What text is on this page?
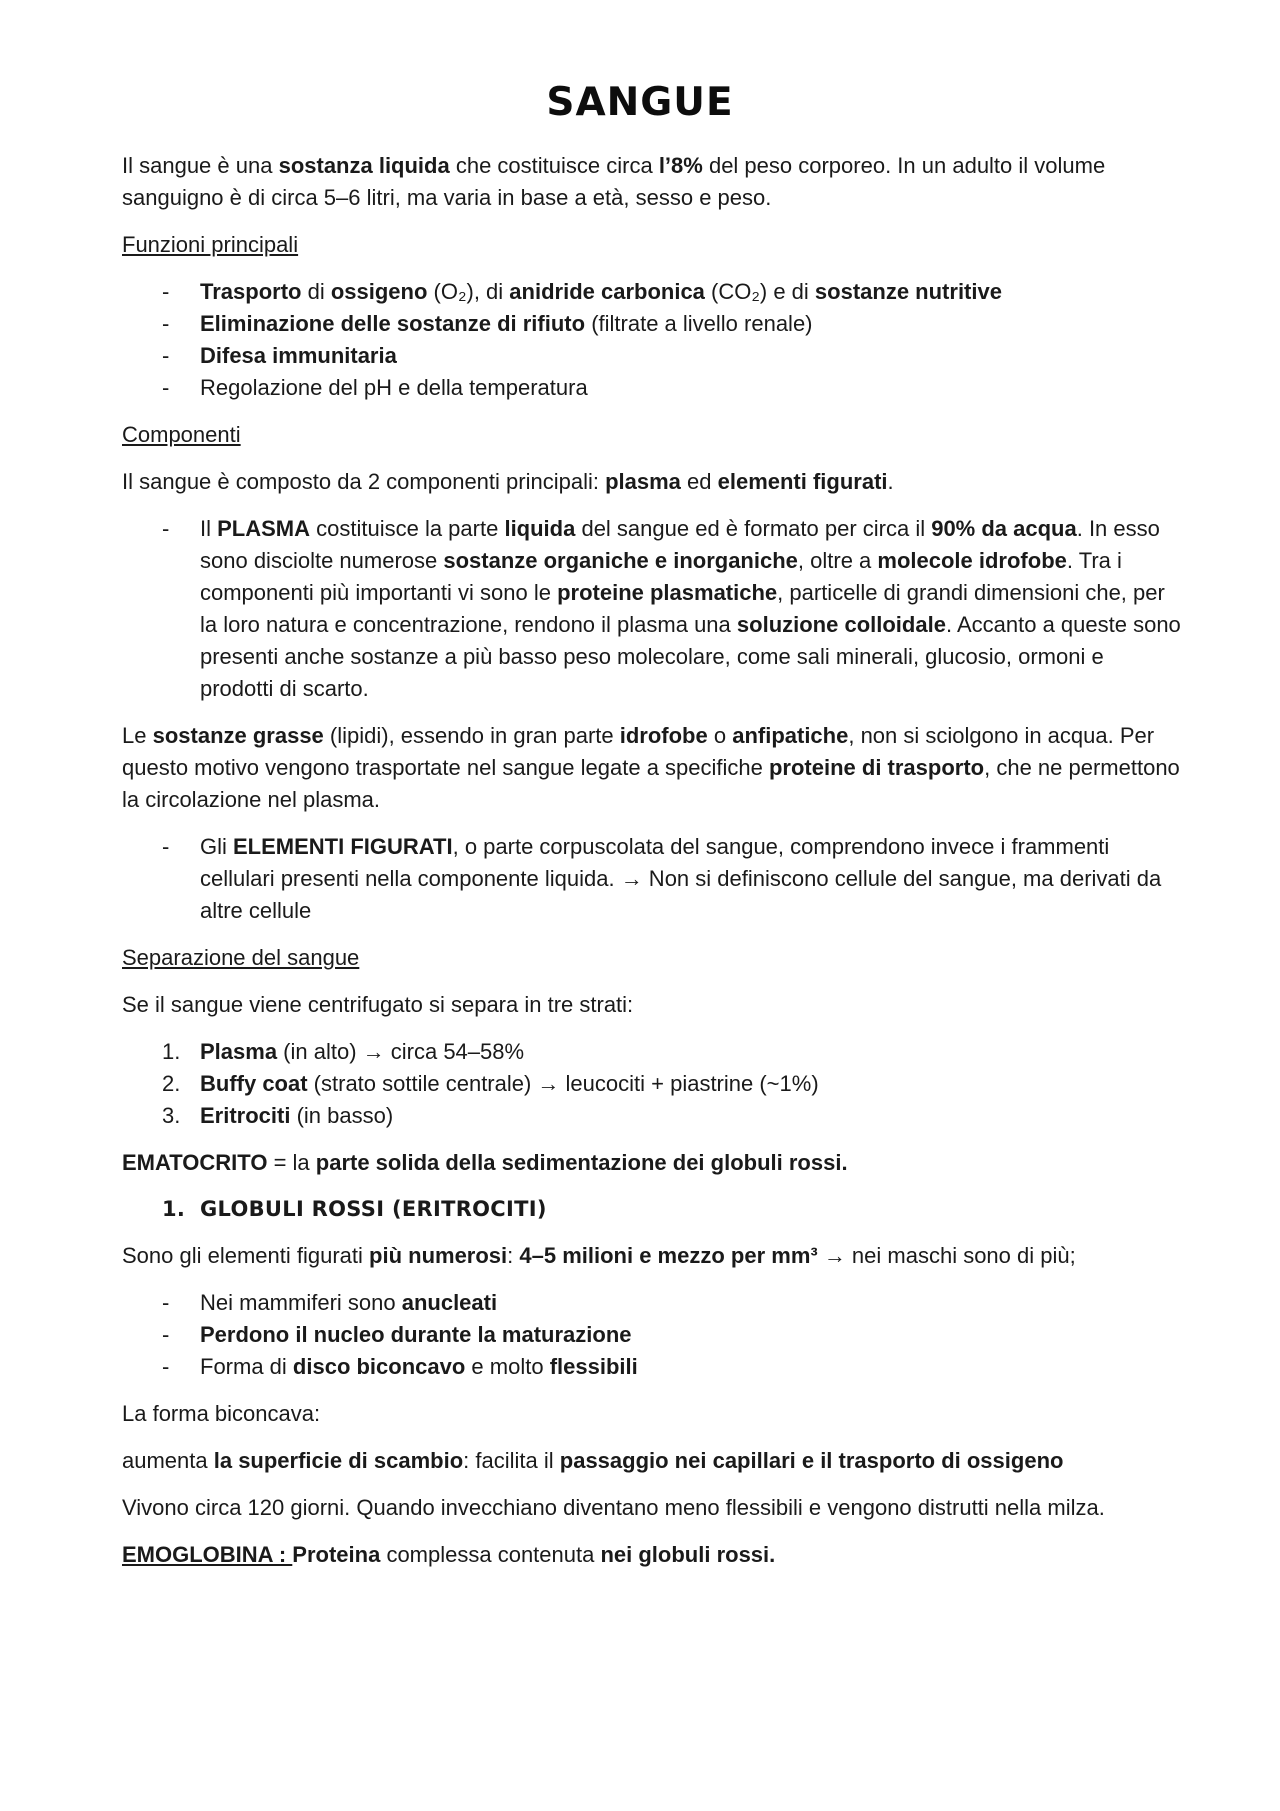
SANGUE

Il sangue è una sostanza liquida che costituisce circa l’8% del peso corporeo. In un adulto il volume sanguigno è di circa 5–6 litri, ma varia in base a età, sesso e peso.

Funzioni principali

- Trasporto di ossigeno (O₂), di anidride carbonica (CO₂) e di sostanze nutritive
- Eliminazione delle sostanze di rifiuto (filtrate a livello renale)
- Difesa immunitaria
- Regolazione del pH e della temperatura

Componenti

Il sangue è composto da 2 componenti principali: plasma ed elementi figurati.

- Il PLASMA costituisce la parte liquida del sangue ed è formato per circa il 90% da acqua. In esso sono disciolte numerose sostanze organiche e inorganiche, oltre a molecole idrofobe. Tra i componenti più importanti vi sono le proteine plasmatiche, particelle di grandi dimensioni che, per la loro natura e concentrazione, rendono il plasma una soluzione colloidale. Accanto a queste sono presenti anche sostanze a più basso peso molecolare, come sali minerali, glucosio, ormoni e prodotti di scarto.

Le sostanze grasse (lipidi), essendo in gran parte idrofobe o anfipatiche, non si sciolgono in acqua. Per questo motivo vengono trasportate nel sangue legate a specifiche proteine di trasporto, che ne permettono la circolazione nel plasma.

- Gli ELEMENTI FIGURATI, o parte corpuscolata del sangue, comprendono invece i frammenti cellulari presenti nella componente liquida. → Non si definiscono cellule del sangue, ma derivati da altre cellule

Separazione del sangue

Se il sangue viene centrifugato si separa in tre strati:

1. Plasma (in alto) → circa 54–58%
2. Buffy coat (strato sottile centrale) → leucociti + piastrine (~1%)
3. Eritrociti (in basso)

EMATOCRITO = la parte solida della sedimentazione dei globuli rossi.

1. GLOBULI ROSSI (ERITROCITI)

Sono gli elementi figurati più numerosi: 4–5 milioni e mezzo per mm³ → nei maschi sono di più;

- Nei mammiferi sono anucleati
- Perdono il nucleo durante la maturazione
- Forma di disco biconcavo e molto flessibili

La forma biconcava:

aumenta la superficie di scambio: facilita il passaggio nei capillari e il trasporto di ossigeno

Vivono circa 120 giorni. Quando invecchiano diventano meno flessibili e vengono distrutti nella milza.

EMOGLOBINA : Proteina complessa contenuta nei globuli rossi.
